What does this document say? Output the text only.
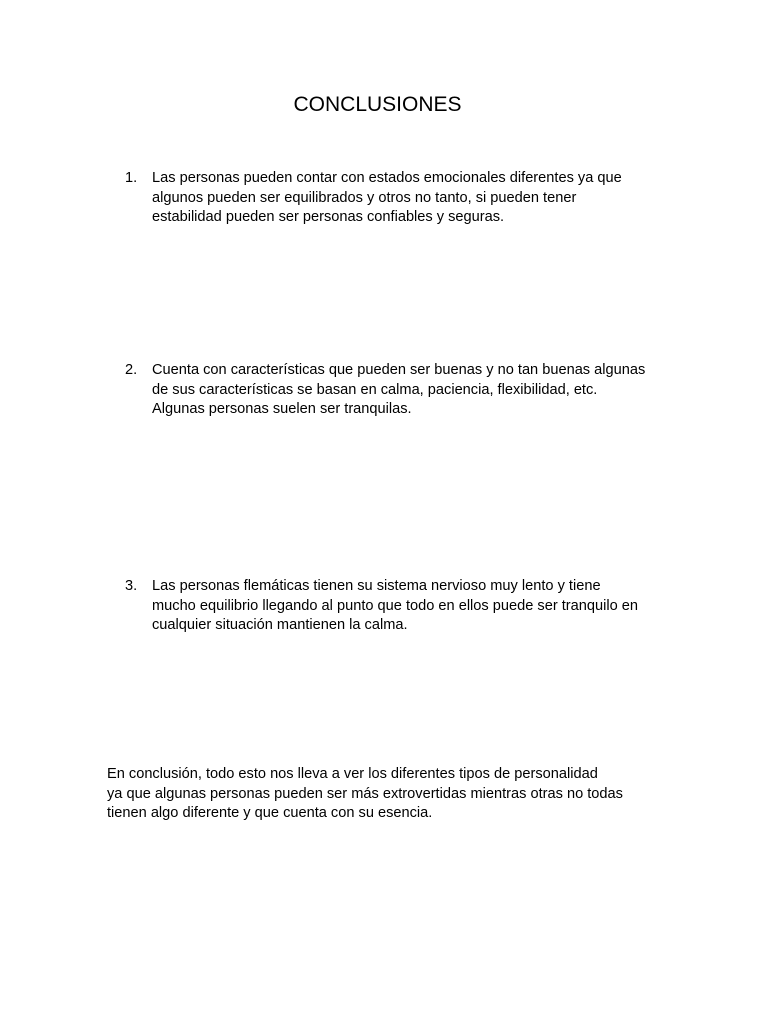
CONCLUSIONES
1.	Las personas pueden contar con estados emocionales diferentes ya que
algunos pueden ser equilibrados y otros no tanto, si pueden tener
estabilidad pueden ser personas confiables y seguras.
2.	Cuenta con características que pueden ser buenas y no tan buenas algunas
de sus características se basan en calma, paciencia, flexibilidad, etc.
Algunas personas suelen ser tranquilas.
3.	Las personas flemáticas tienen su sistema nervioso muy lento y tiene
mucho equilibrio llegando al punto que todo en ellos puede ser tranquilo en
cualquier situación mantienen la calma.

En conclusión, todo esto nos lleva a ver los diferentes tipos de personalidad
ya que algunas personas pueden ser más extrovertidas mientras otras no todas
tienen algo diferente y que cuenta con su esencia.
